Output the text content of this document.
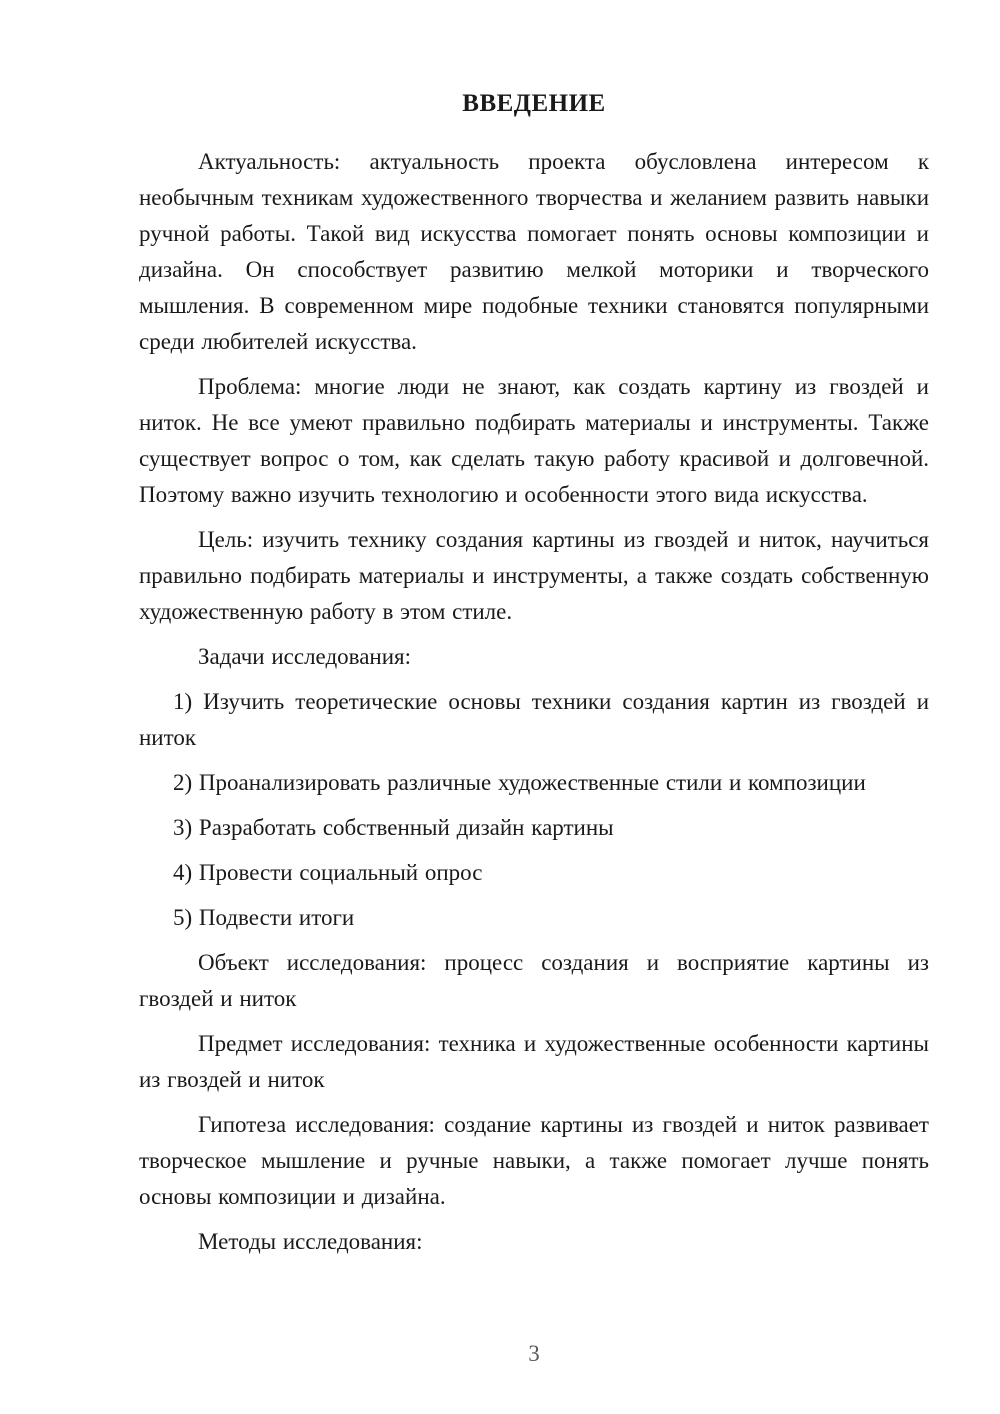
ВВЕДЕНИЕ

Актуальность: актуальность проекта обусловлена интересом к необычным техникам художественного творчества и желанием развить навыки ручной работы. Такой вид искусства помогает понять основы композиции и дизайна. Он способствует развитию мелкой моторики и творческого мышления. В современном мире подобные техники становятся популярными среди любителей искусства.

Проблема: многие люди не знают, как создать картину из гвоздей и ниток. Не все умеют правильно подбирать материалы и инструменты. Также существует вопрос о том, как сделать такую работу красивой и долговечной. Поэтому важно изучить технологию и особенности этого вида искусства.

Цель: изучить технику создания картины из гвоздей и ниток, научиться правильно подбирать материалы и инструменты, а также создать собственную художественную работу в этом стиле.

Задачи исследования:

1) Изучить теоретические основы техники создания картин из гвоздей и ниток

2) Проанализировать различные художественные стили и композиции

3) Разработать собственный дизайн картины

4) Провести социальный опрос

5) Подвести итоги

Объект исследования: процесс создания и восприятие картины из гвоздей и ниток

Предмет исследования: техника и художественные особенности картины из гвоздей и ниток

Гипотеза исследования: создание картины из гвоздей и ниток развивает творческое мышление и ручные навыки, а также помогает лучше понять основы композиции и дизайна.

Методы исследования:

3
